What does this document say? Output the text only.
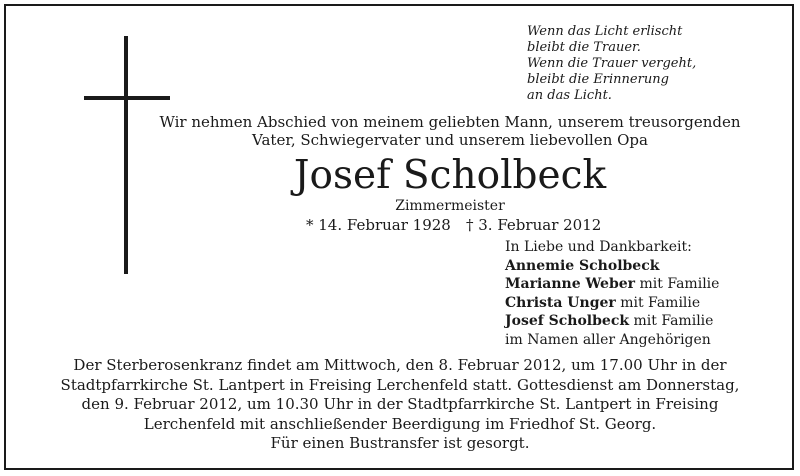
Wenn das Licht erlischt
bleibt die Trauer.
Wenn die Trauer vergeht,
bleibt die Erinnerung
an das Licht.
Wir nehmen Abschied von meinem geliebten Mann, unserem treusorgenden
Vater, Schwiegervater und unserem liebevollen Opa
Josef Scholbeck
Zimmermeister
* 14. Februar 1928 † 3. Februar 2012
In Liebe und Dankbarkeit:
Annemie Scholbeck
Marianne Weber mit Familie
Christa Unger mit Familie
Josef Scholbeck mit Familie
im Namen aller Angehörigen
Der Sterberosenkranz findet am Mittwoch, den 8. Februar 2012, um 17.00 Uhr in der
Stadtpfarrkirche St. Lantpert in Freising Lerchenfeld statt. Gottesdienst am Donnerstag,
den 9. Februar 2012, um 10.30 Uhr in der Stadtpfarrkirche St. Lantpert in Freising
Lerchenfeld mit anschließender Beerdigung im Friedhof St. Georg.
Für einen Bustransfer ist gesorgt.
